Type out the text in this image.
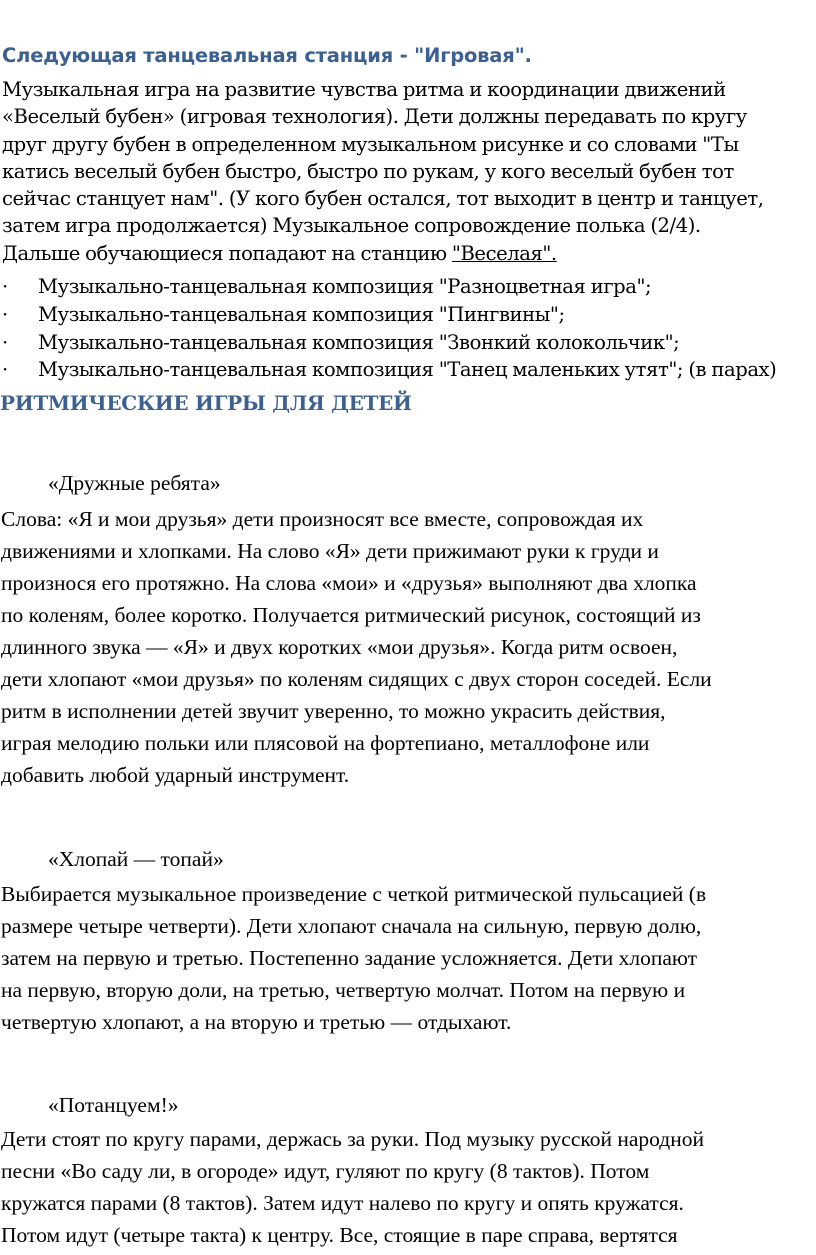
Следующая танцевальная станция - "Игровая".
Музыкальная игра на развитие чувства ритма и координации движений
«Веселый бубен» (игровая технология). Дети должны передавать по кругу
друг другу бубен в определенном музыкальном рисунке и со словами "Ты
катись веселый бубен быстро, быстро по рукам, у кого веселый бубен тот
сейчас станцует нам". (У кого бубен остался, тот выходит в центр и танцует,
затем игра продолжается) Музыкальное сопровождение полька (2/4).
Дальше обучающиеся попадают на станцию "Веселая".
·	Музыкально-танцевальная композиция "Разноцветная игра";
·	Музыкально-танцевальная композиция "Пингвины";
·	Музыкально-танцевальная композиция "Звонкий колокольчик";
·	Музыкально-танцевальная композиция "Танец маленьких утят"; (в парах)
РИТМИЧЕСКИЕ ИГРЫ ДЛЯ ДЕТЕЙ
«Дружные ребята»
Слова: «Я и мои друзья» дети произносят все вместе, сопровождая их
движениями и хлопками. На слово «Я» дети прижимают руки к груди и
произнося его протяжно. На слова «мои» и «друзья» выполняют два хлопка
по коленям, более коротко. Получается ритмический рисунок, состоящий из
длинного звука — «Я» и двух коротких «мои друзья». Когда ритм освоен,
дети хлопают «мои друзья» по коленям сидящих с двух сторон соседей. Если
ритм в исполнении детей звучит уверенно, то можно украсить действия,
играя мелодию польки или плясовой на фортепиано, металлофоне или
добавить любой ударный инструмент.
«Хлопай — топай»
Выбирается музыкальное произведение с четкой ритмической пульсацией (в
размере четыре четверти). Дети хлопают сначала на сильную, первую долю,
затем на первую и третью. Постепенно задание усложняется. Дети хлопают
на первую, вторую доли, на третью, четвертую молчат. Потом на первую и
четвертую хлопают, а на вторую и третью — отдыхают.
«Потанцуем!»
Дети стоят по кругу парами, держась за руки. Под музыку русской народной
песни «Во саду ли, в огороде» идут, гуляют по кругу (8 тактов). Потом
кружатся парами (8 тактов). Затем идут налево по кругу и опять кружатся.
Потом идут (четыре такта) к центру. Все, стоящие в паре справа, вертятся
